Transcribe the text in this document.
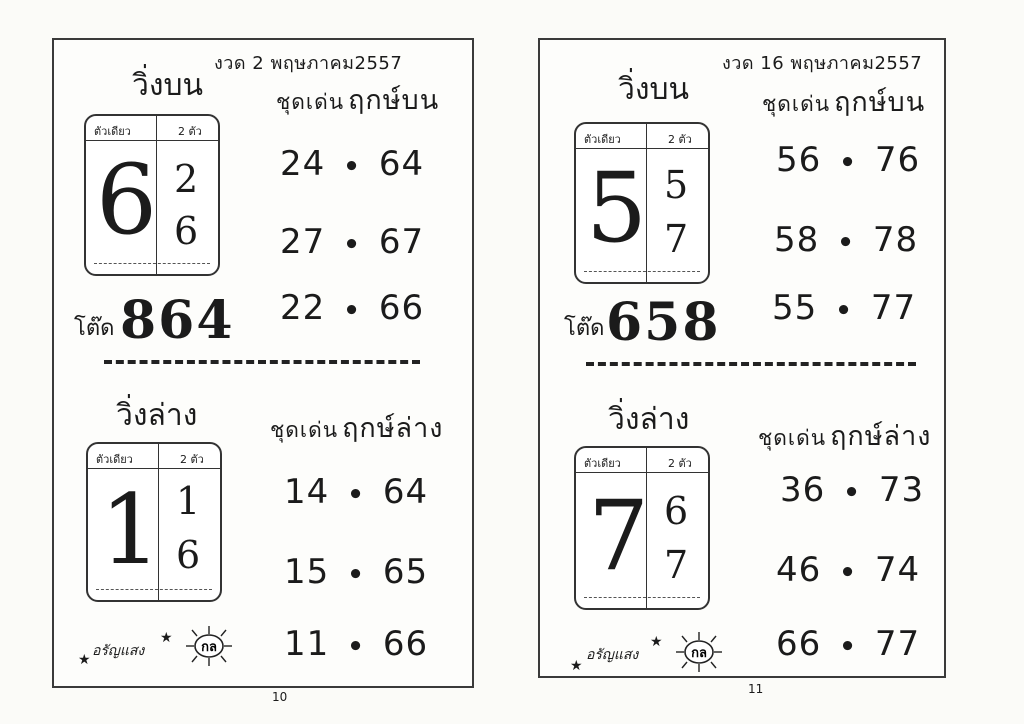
งวด 2 พฤษภาคม2557
วิ่งบน	ชุดเด่น ฤกษ์บน
ตัวเดียว	2 ตัว
6 2
6
24 • 64
27 • 67
22 • 66
โต๊ด 864
วิ่งล่าง	ชุดเด่น ฤกษ์ล่าง
ตัวเดียว	2 ตัว
1 1
6
14 • 64
15 • 65
11 • 66
★
อรัญแสง
★
กล
10
งวด 16 พฤษภาคม2557
วิ่งบน	ชุดเด่น ฤกษ์บน
ตัวเดียว	2 ตัว
5 5
7
56 • 76
58 • 78
55 • 77
โต๊ด 658
วิ่งล่าง
ชุดเด่น ฤกษ์ล่าง
ตัวเดียว	2 ตัว
7 6
7
36 • 73
46 • 74
66 • 77
★
อรัญแสง
★
กล
11
